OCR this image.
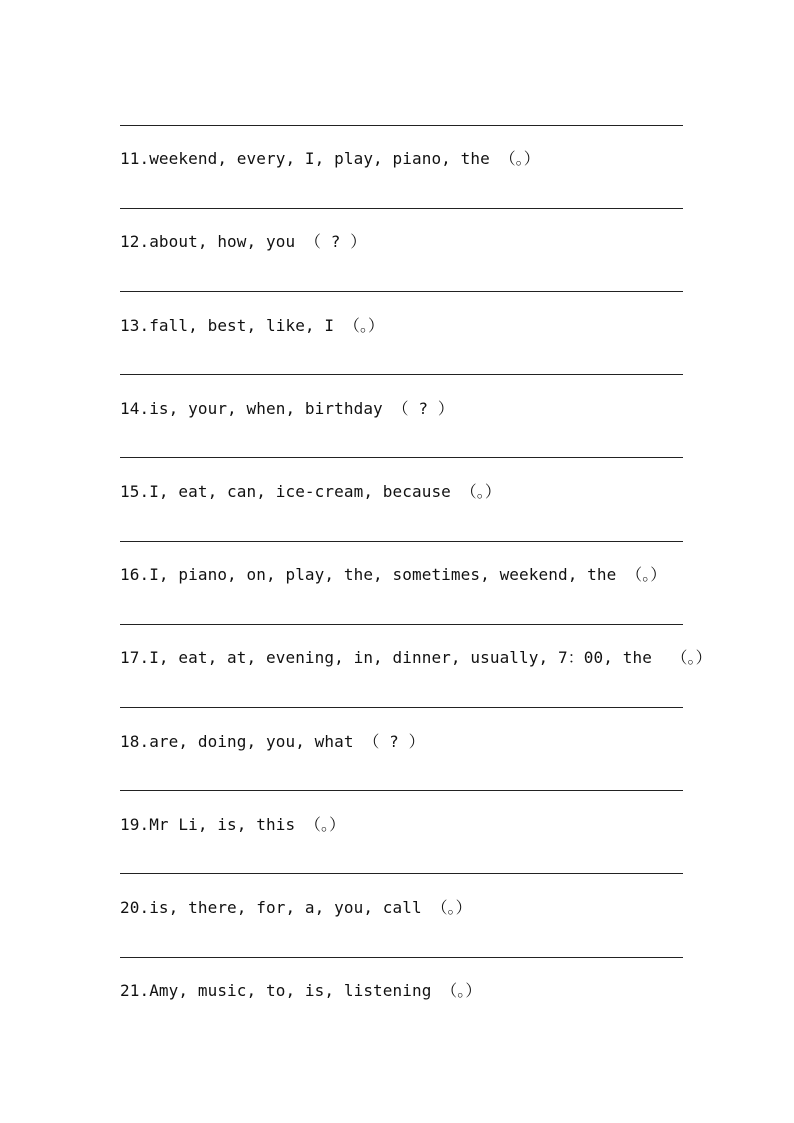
11.weekend, every, I, play, piano, the （。）
12.about, how, you （ ? ）
13.fall, best, like, I （。）
14.is, your, when, birthday （ ? ）
15.I, eat, can, ice-cream, because （。）
16.I, piano, on, play, the, sometimes, weekend, the （。）
17.I, eat, at, evening, in, dinner, usually, 7：00, the  （。）
18.are, doing, you, what （ ? ）
19.Mr Li, is, this （。）
20.is, there, for, a, you, call （。）
21.Amy, music, to, is, listening （。）
